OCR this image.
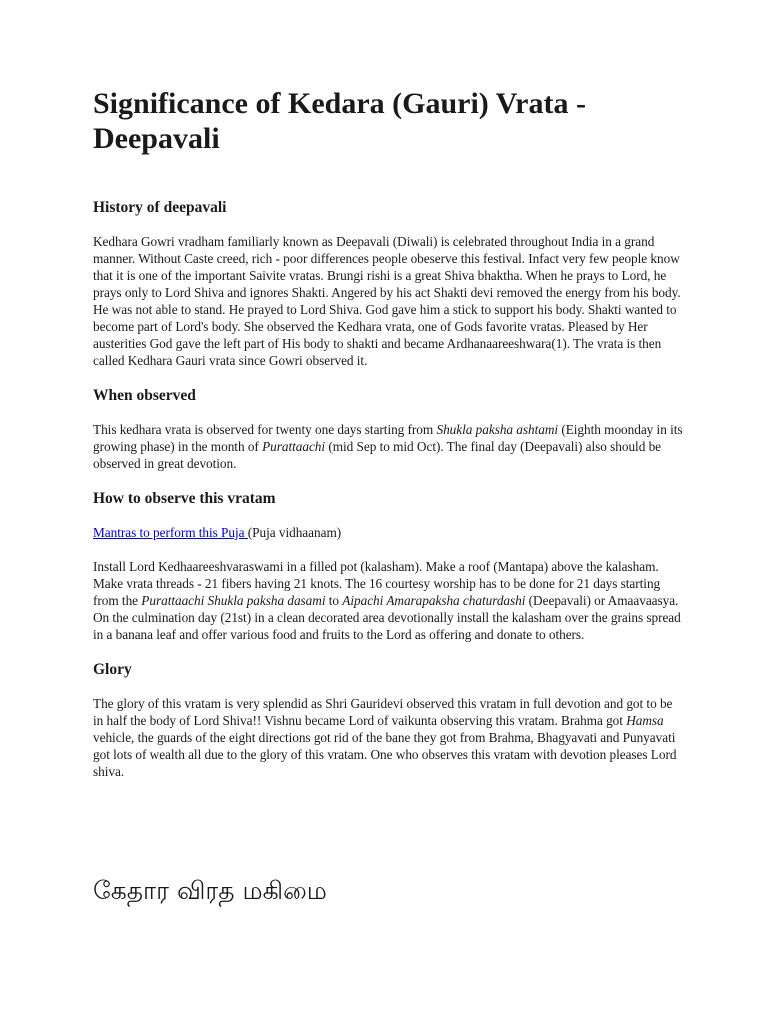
Significance of Kedara (Gauri) Vrata - Deepavali
History of deepavali

Kedhara Gowri vradham familiarly known as Deepavali (Diwali) is celebrated throughout India in a grand manner. Without Caste creed, rich - poor differences people obeserve this festival. Infact very few people know that it is one of the important Saivite vratas. Brungi rishi is a great Shiva bhaktha. When he prays to Lord, he prays only to Lord Shiva and ignores Shakti. Angered by his act Shakti devi removed the energy from his body. He was not able to stand. He prayed to Lord Shiva. God gave him a stick to support his body. Shakti wanted to become part of Lord's body. She observed the Kedhara vrata, one of Gods favorite vratas. Pleased by Her austerities God gave the left part of His body to shakti and became Ardhanaareeshwara(1). The vrata is then called Kedhara Gauri vrata since Gowri observed it.

When observed

This kedhara vrata is observed for twenty one days starting from Shukla paksha ashtami (Eighth moonday in its growing phase) in the month of Purattaachi (mid Sep to mid Oct). The final day (Deepavali) also should be observed in great devotion.

How to observe this vratam

Mantras to perform this Puja (Puja vidhaanam)

Install Lord Kedhaareeshvaraswami in a filled pot (kalasham). Make a roof (Mantapa) above the kalasham. Make vrata threads - 21 fibers having 21 knots. The 16 courtesy worship has to be done for 21 days starting from the Purattaachi Shukla paksha dasami to Aipachi Amarapaksha chaturdashi (Deepavali) or Amaavaasya. On the culmination day (21st) in a clean decorated area devotionally install the kalasham over the grains spread in a banana leaf and offer various food and fruits to the Lord as offering and donate to others.

Glory

The glory of this vratam is very splendid as Shri Gauridevi observed this vratam in full devotion and got to be in half the body of Lord Shiva!! Vishnu became Lord of vaikunta observing this vratam. Brahma got Hamsa vehicle, the guards of the eight directions got rid of the bane they got from Brahma, Bhagyavati and Punyavati got lots of wealth all due to the glory of this vratam. One who observes this vratam with devotion pleases Lord shiva.

கேதார விரத மகிமை
